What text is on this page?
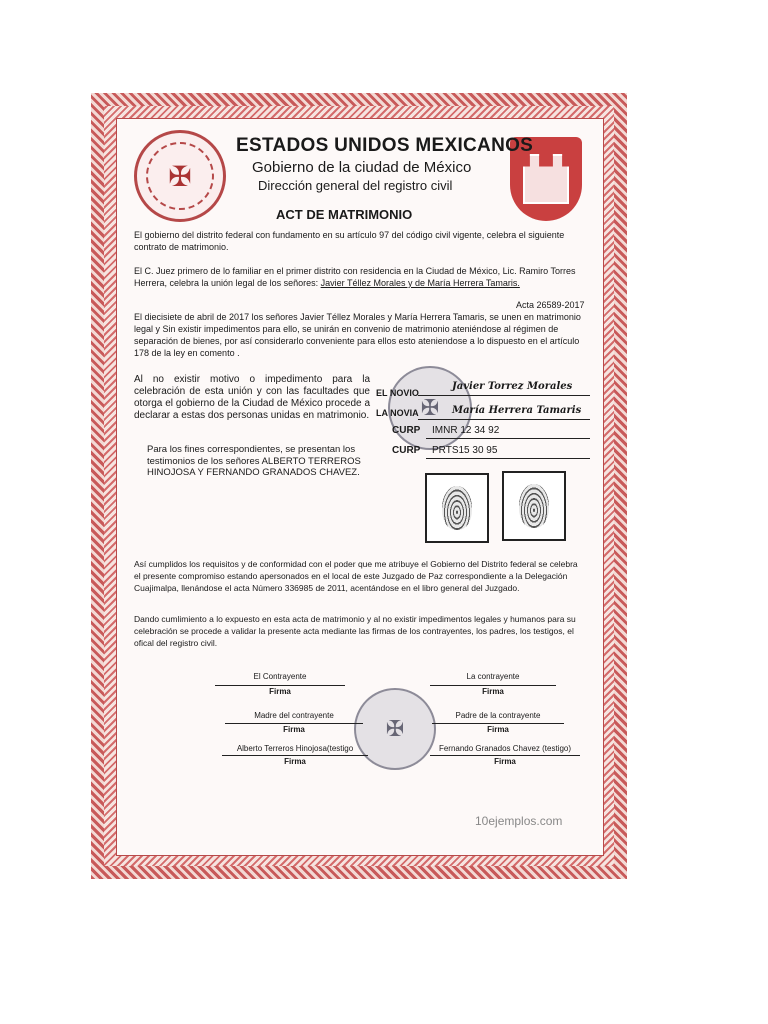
✠
ESTADOS UNIDOS MEXICANOS
Gobierno de la ciudad de México
Dirección general del registro civil
ACT DE MATRIMONIO
El gobierno del distrito federal con fundamento en su artículo 97 del código civil vigente, celebra el siguiente contrato de matrimonio.
El C. Juez primero de lo familiar en el primer distrito con residencia en la Ciudad de México, Lic. Ramiro Torres Herrera, celebra la unión legal de los señores: Javier Téllez Morales y de María Herrera Tamaris.
Acta 26589-2017
El diecisiete de abril de 2017 los señores Javier Téllez Morales y María Herrera Tamaris, se unen en matrimonio legal y Sin existir impedimentos para ello, se unirán en convenio de matrimonio ateniéndose al régimen de separación de bienes, por así considerarlo conveniente para ellos esto ateniendose a lo dispuesto en el artículo 178 de la ley en comento .
Al no existir motivo o impedimento para la celebración de esta unión y con las facultades que otorga el gobierno de la Ciudad de México procede a declarar a estas dos personas unidas en matrimonio.
Para los fines correspondientes, se presentan los testimonios de los señores ALBERTO TERREROS HINOJOSA Y FERNANDO GRANADOS CHAVEZ.
✠
EL NOVIO
Javier Torrez Morales
LA NOVIA	María Herrera Tamaris
CURP IMNR 12 34 92
CURP PRTS15 30 95
Así cumplidos los requisitos y de conformidad con el poder que me atribuye el Gobierno del Distrito federal se celebra el presente compromiso estando apersonados en el local de este Juzgado de Paz correspondiente a la Delegación Cuajimalpa, llenándose el acta Número 336985 de 2011, acentándose en el libro general del Juzgado.
Dando cumlimiento a lo expuesto en esta acta de matrimonio y al no existir impedimentos legales y humanos para su celebración se procede a validar la presente acta mediante las firmas de los contrayentes, los padres, los testigos, el ofical del registro civil.
✠
El Contrayente
Firma
La contrayente
Firma
Madre del contrayente
Firma
Padre de la contrayente
Firma
Alberto Terreros Hinojosa(testigo
Firma
Fernando Granados Chavez (testigo)
Firma
10ejemplos.com
